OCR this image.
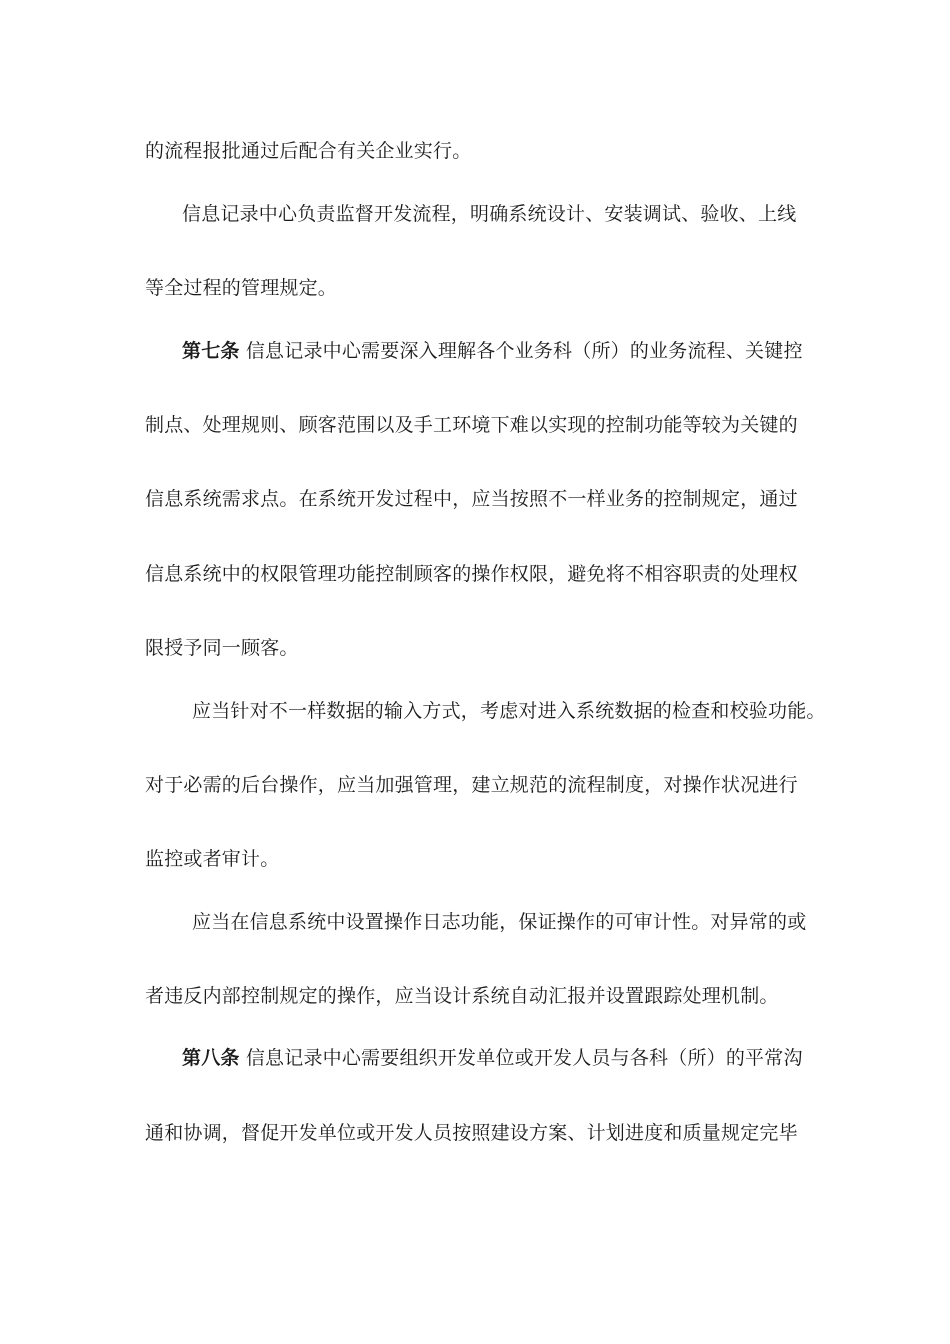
的流程报批通过后配合有关企业实行。
信息记录中心负责监督开发流程，明确系统设计、安装调试、验收、上线
等全过程的管理规定。
第七条 信息记录中心需要深入理解各个业务科（所）的业务流程、关键控
制点、处理规则、顾客范围以及手工环境下难以实现的控制功能等较为关键的
信息系统需求点。在系统开发过程中，应当按照不一样业务的控制规定，通过
信息系统中的权限管理功能控制顾客的操作权限，避免将不相容职责的处理权
限授予同一顾客。
应当针对不一样数据的输入方式，考虑对进入系统数据的检查和校验功能。
对于必需的后台操作，应当加强管理，建立规范的流程制度，对操作状况进行
监控或者审计。
应当在信息系统中设置操作日志功能，保证操作的可审计性。对异常的或
者违反内部控制规定的操作，应当设计系统自动汇报并设置跟踪处理机制。
第八条 信息记录中心需要组织开发单位或开发人员与各科（所）的平常沟
通和协调，督促开发单位或开发人员按照建设方案、计划进度和质量规定完毕
